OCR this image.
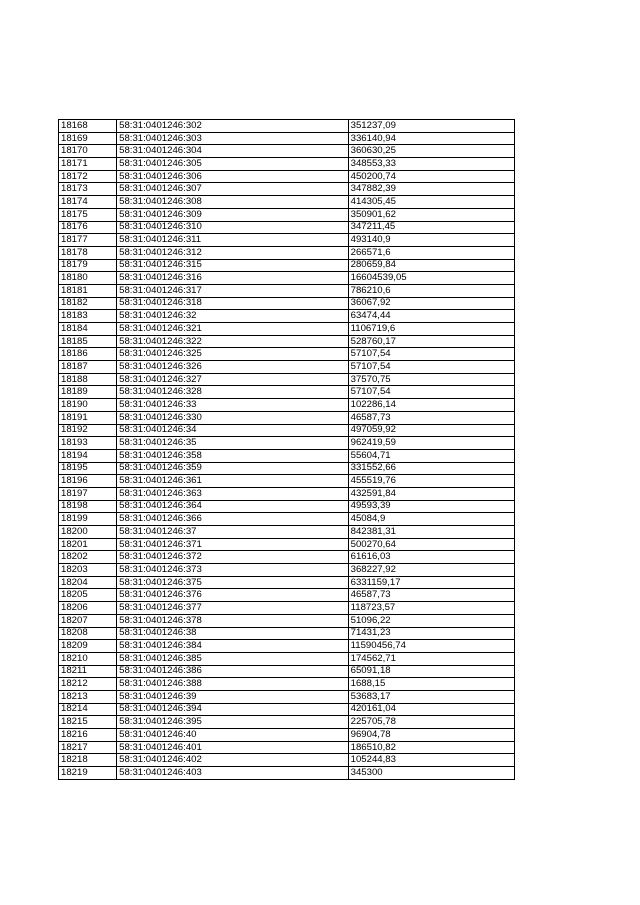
18168	58:31:0401246:302	351237,09
18169	58:31:0401246:303	336140,94
18170	58:31:0401246:304	360630,25
18171	58:31:0401246:305	348553,33
18172	58:31:0401246:306	450200,74
18173	58:31:0401246:307	347882,39
18174	58:31:0401246:308	414305,45
18175	58:31:0401246:309	350901,62
18176	58:31:0401246:310	347211,45
18177	58:31:0401246:311	493140,9
18178	58:31:0401246:312	266571,6
18179	58:31:0401246:315	280659,84
18180	58:31:0401246:316	16604539,05
18181	58:31:0401246:317	786210,6
18182	58:31:0401246:318	36067,92
18183	58:31:0401246:32	63474,44
18184	58:31:0401246:321	1106719,6
18185	58:31:0401246:322	528760,17
18186	58:31:0401246:325	57107,54
18187	58:31:0401246:326	57107,54
18188	58:31:0401246:327	37570,75
18189	58:31:0401246:328	57107,54
18190	58:31:0401246:33	102286,14
18191	58:31:0401246:330	46587,73
18192	58:31:0401246:34	497059,92
18193	58:31:0401246:35	962419,59
18194	58:31:0401246:358	55604,71
18195	58:31:0401246:359	331552,66
18196	58:31:0401246:361	455519,76
18197	58:31:0401246:363	432591,84
18198	58:31:0401246:364	49593,39
18199	58:31:0401246:366	45084,9
18200	58:31:0401246:37	842381,31
18201	58:31:0401246:371	500270,64
18202	58:31:0401246:372	61616,03
18203	58:31:0401246:373	368227,92
18204	58:31:0401246:375	6331159,17
18205	58:31:0401246:376	46587,73
18206	58:31:0401246:377	118723,57
18207	58:31:0401246:378	51096,22
18208	58:31:0401246:38	71431,23
18209	58:31:0401246:384	11590456,74
18210	58:31:0401246:385	174562,71
18211	58:31:0401246:386	65091,18
18212	58:31:0401246:388	1688,15
18213	58:31:0401246:39	53683,17
18214	58:31:0401246:394	420161,04
18215	58:31:0401246:395	225705,78
18216	58:31:0401246:40	96904,78
18217	58:31:0401246:401	186510,82
18218	58:31:0401246:402	105244,83
18219	58:31:0401246:403	345300
